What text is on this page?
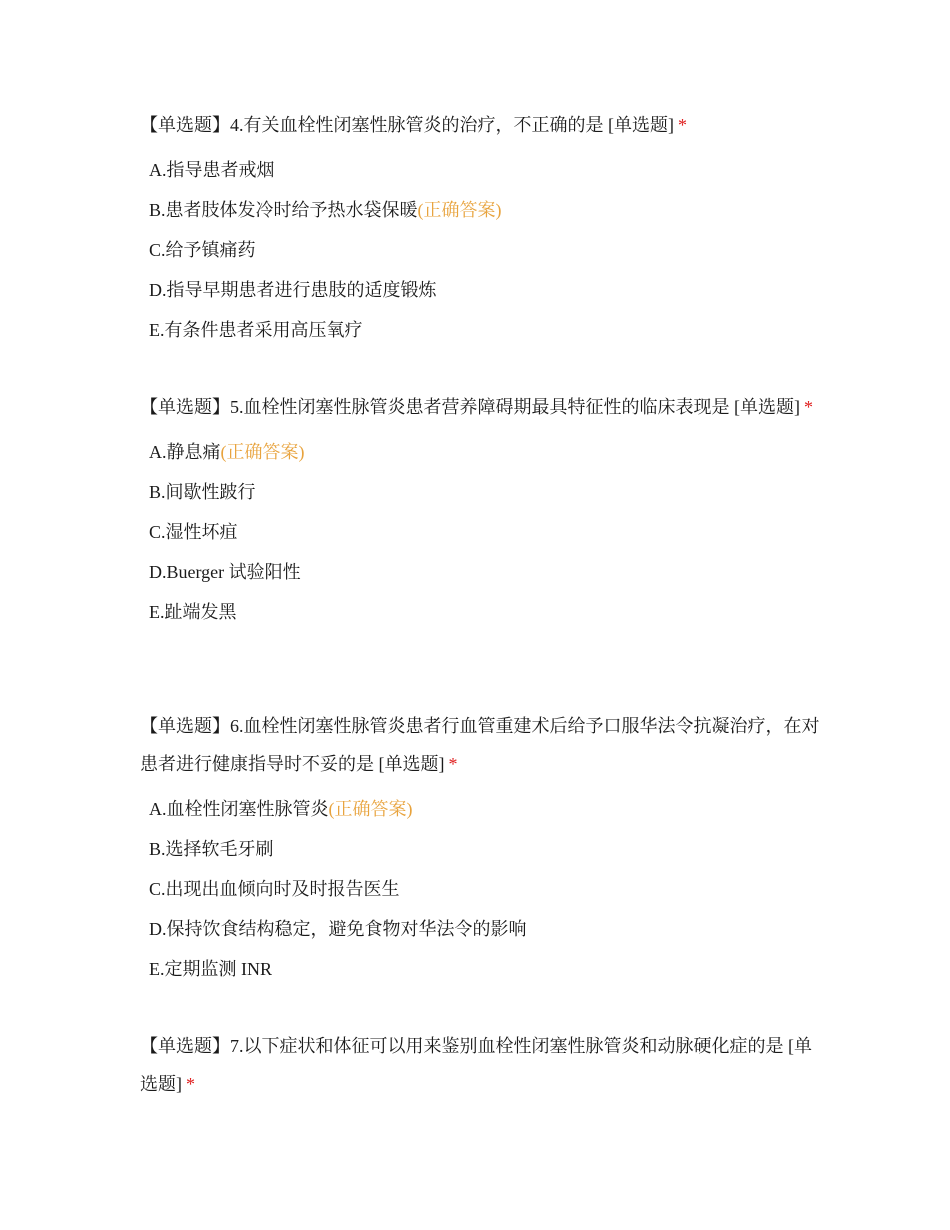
【单选题】4.有关血栓性闭塞性脉管炎的治疗，不正确的是 [单选题] *
A.指导患者戒烟
B.患者肢体发冷时给予热水袋保暖(正确答案)
C.给予镇痛药
D.指导早期患者进行患肢的适度锻炼
E.有条件患者采用高压氧疗
【单选题】5.血栓性闭塞性脉管炎患者营养障碍期最具特征性的临床表现是 [单选题] *
A.静息痛(正确答案)
B.间歇性跛行
C.湿性坏疽
D.Buerger 试验阳性
E.趾端发黑
【单选题】6.血栓性闭塞性脉管炎患者行血管重建术后给予口服华法令抗凝治疗，在对患者进行健康指导时不妥的是 [单选题] *
A.血栓性闭塞性脉管炎(正确答案)
B.选择软毛牙刷
C.出现出血倾向时及时报告医生
D.保持饮食结构稳定，避免食物对华法令的影响
E.定期监测 INR
【单选题】7.以下症状和体征可以用来鉴别血栓性闭塞性脉管炎和动脉硬化症的是 [单选题] *
